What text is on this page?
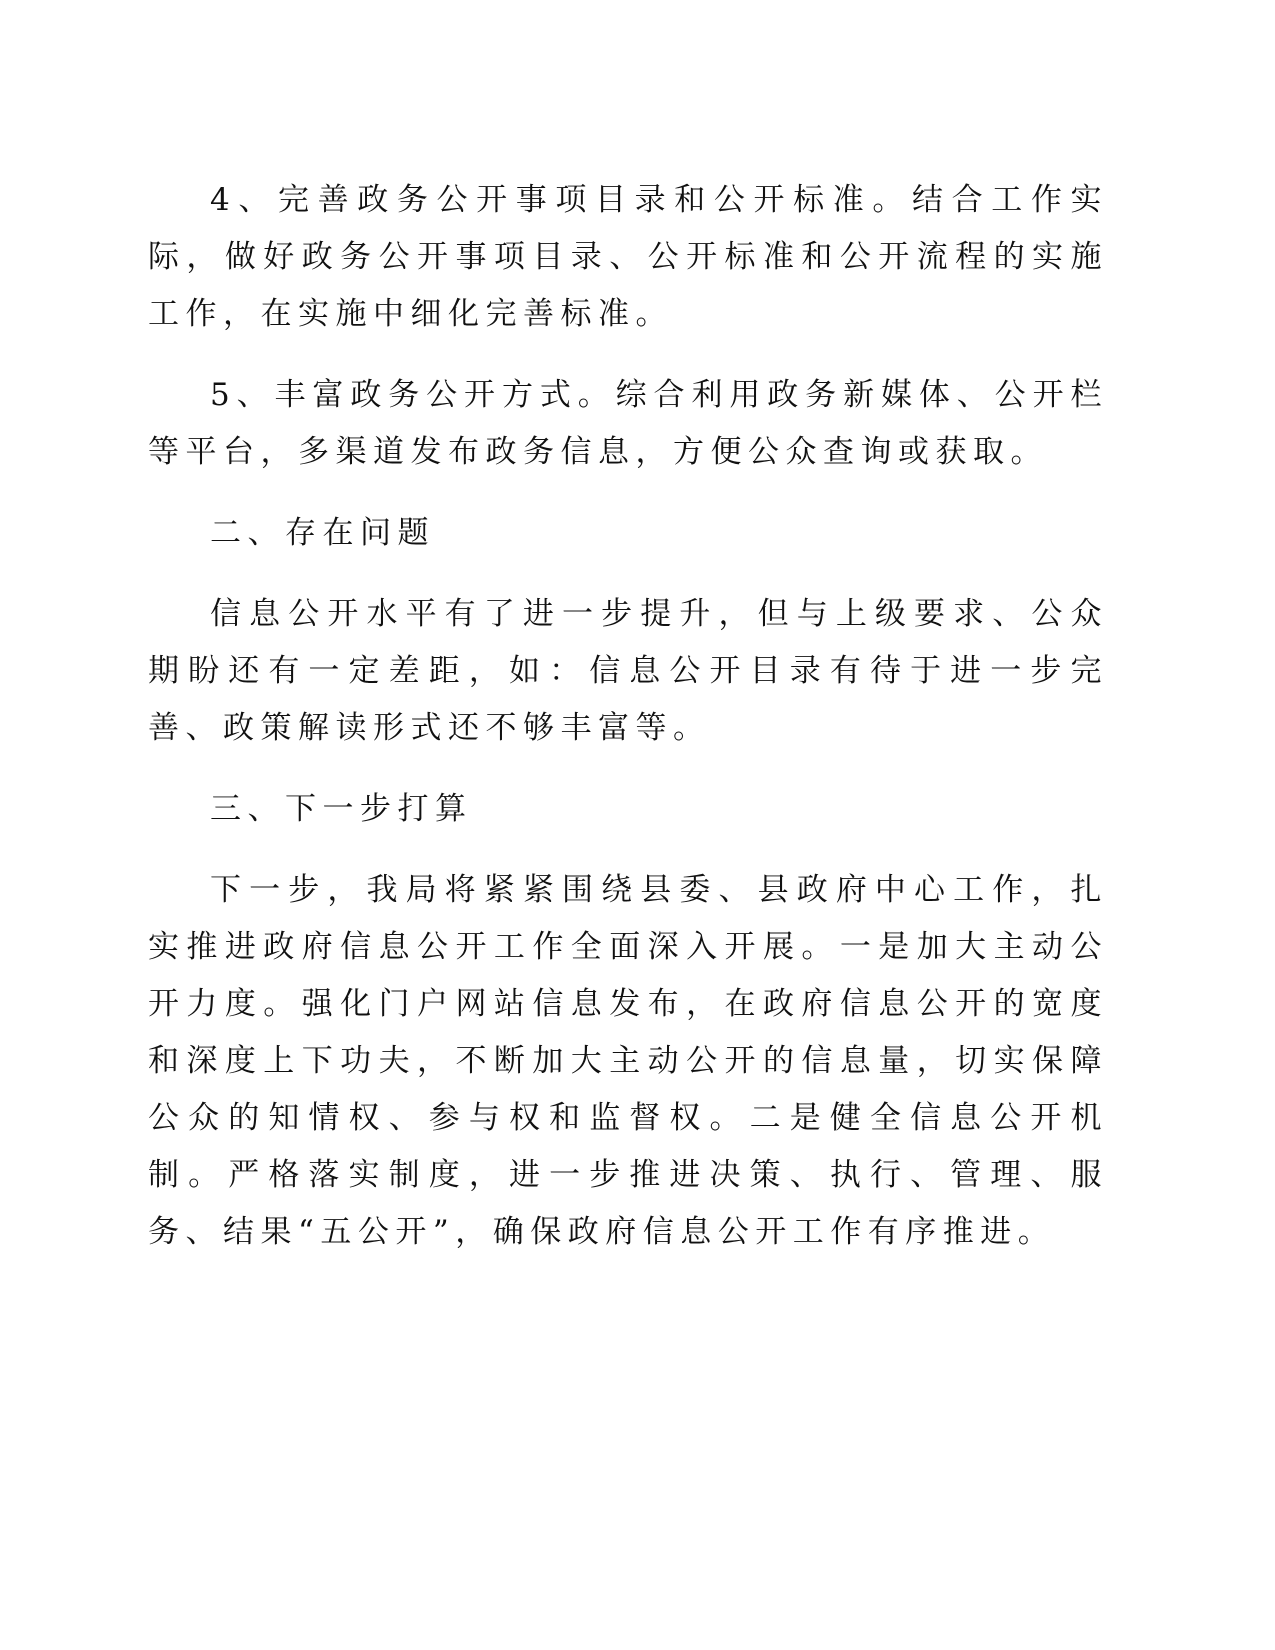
4、完善政务公开事项目录和公开标准。结合工作实际，做好政务公开事项目录、公开标准和公开流程的实施工作，在实施中细化完善标准。

5、丰富政务公开方式。综合利用政务新媒体、公开栏等平台，多渠道发布政务信息，方便公众查询或获取。

二、存在问题

信息公开水平有了进一步提升，但与上级要求、公众期盼还有一定差距，如：信息公开目录有待于进一步完善、政策解读形式还不够丰富等。

三、下一步打算

下一步，我局将紧紧围绕县委、县政府中心工作，扎实推进政府信息公开工作全面深入开展。一是加大主动公开力度。强化门户网站信息发布，在政府信息公开的宽度和深度上下功夫，不断加大主动公开的信息量，切实保障公众的知情权、参与权和监督权。二是健全信息公开机制。严格落实制度，进一步推进决策、执行、管理、服务、结果“五公开”，确保政府信息公开工作有序推进。
